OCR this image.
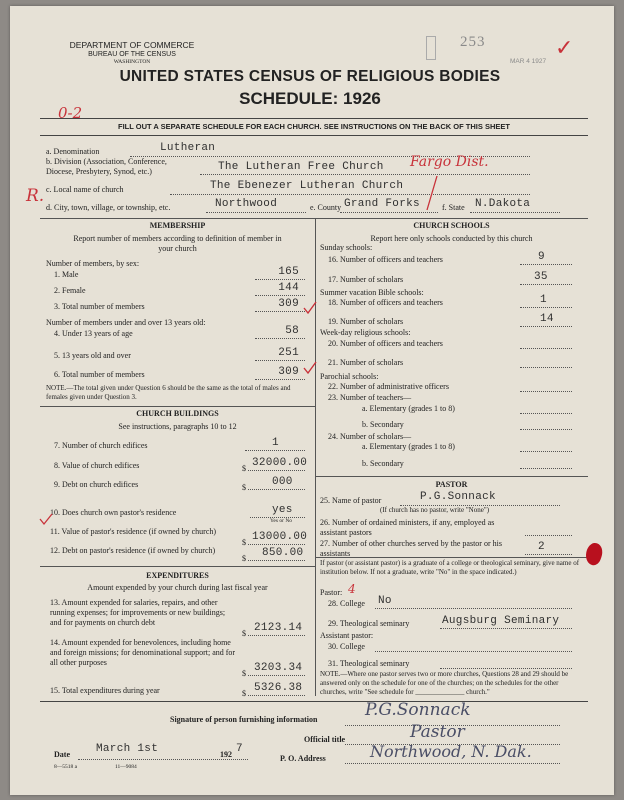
DEPARTMENT OF COMMERCE
BUREAU OF THE CENSUS
WASHINGTON
UNITED STATES CENSUS OF RELIGIOUS BODIES
SCHEDULE: 1926
0-2
253
MAR 4 1927
✓
FILL OUT A SEPARATE SCHEDULE FOR EACH CHURCH. SEE INSTRUCTIONS ON THE BACK OF THIS SHEET
a. Denomination	Lutheran
b. Division (Association, Conference, Diocese, Presbytery, Synod, etc.)	The Lutheran Free Church Fargo Dist.
R. c. Local name of church	The Ebenezer Lutheran Church
d. City, town, village, or township, etc.	Northwood	e. County Grand Forks	f. State N.Dakota
MEMBERSHIP
Report number of members according to definition of member in your church
Number of members, by sex:
1. Male	165
2. Female	144
3. Total number of members	309
Number of members under and over 13 years old:
4. Under 13 years of age	58
5. 13 years old and over	251
6. Total number of members	309
NOTE.—The total given under Question 6 should be the same as the total of males and females given under Question 3.
CHURCH BUILDINGS
See instructions, paragraphs 10 to 12
7. Number of church edifices	1
8. Value of church edifices	$ 32000.00
9. Debt on church edifices	$ 000
10. Does church own pastor's residence	yes
Yes or No
11. Value of pastor's residence (if owned by church)
$ 13000.00
12. Debt on pastor's residence (if owned by church)
$ 850.00
EXPENDITURES
Amount expended by your church during last fiscal year
13. Amount expended for salaries, repairs, and other running expenses; for improvements or new buildings; and for payments on church debt
$ 2123.14
14. Amount expended for benevolences, including home and foreign missions; for denominational support; and for all other purposes
$ 3203.34
15. Total expenditures during year	$ 5326.38
CHURCH SCHOOLS
Report here only schools conducted by this church
Sunday schools:
16. Number of officers and teachers	9
17. Number of scholars	35
Summer vacation Bible schools:
18. Number of officers and teachers	1
19. Number of scholars	14
Week-day religious schools:
20. Number of officers and teachers
21. Number of scholars
Parochial schools:
22. Number of administrative officers
23. Number of teachers—
a. Elementary (grades 1 to 8)
b. Secondary
24. Number of scholars—
a. Elementary (grades 1 to 8)
b. Secondary
PASTOR
25. Name of pastor	P.G.Sonnack
(If church has no pastor, write "None")
26. Number of ordained ministers, if any, employed as assistant pastors
27. Number of other churches served by the pastor or his assistants
2
If pastor (or assistant pastor) is a graduate of a college or theological seminary, give name of institution below. If not a graduate, write "No" in the space indicated.)
Pastor: 4
28. College No
29. Theological seminary	Augsburg Seminary
Assistant pastor:
30. College
31. Theological seminary
NOTE.—Where one pastor serves two or more churches, Questions 28 and 29 should be answered only on the schedule for one of the churches; on the schedules for the other churches, write "See schedule for ______________ church."
Signature of person furnishing information	P.G.Sonnack
Official title	Pastor
Date March 1st	192 7
P. O. Address	Northwood, N. Dak.
8—5518 a	11—9084
